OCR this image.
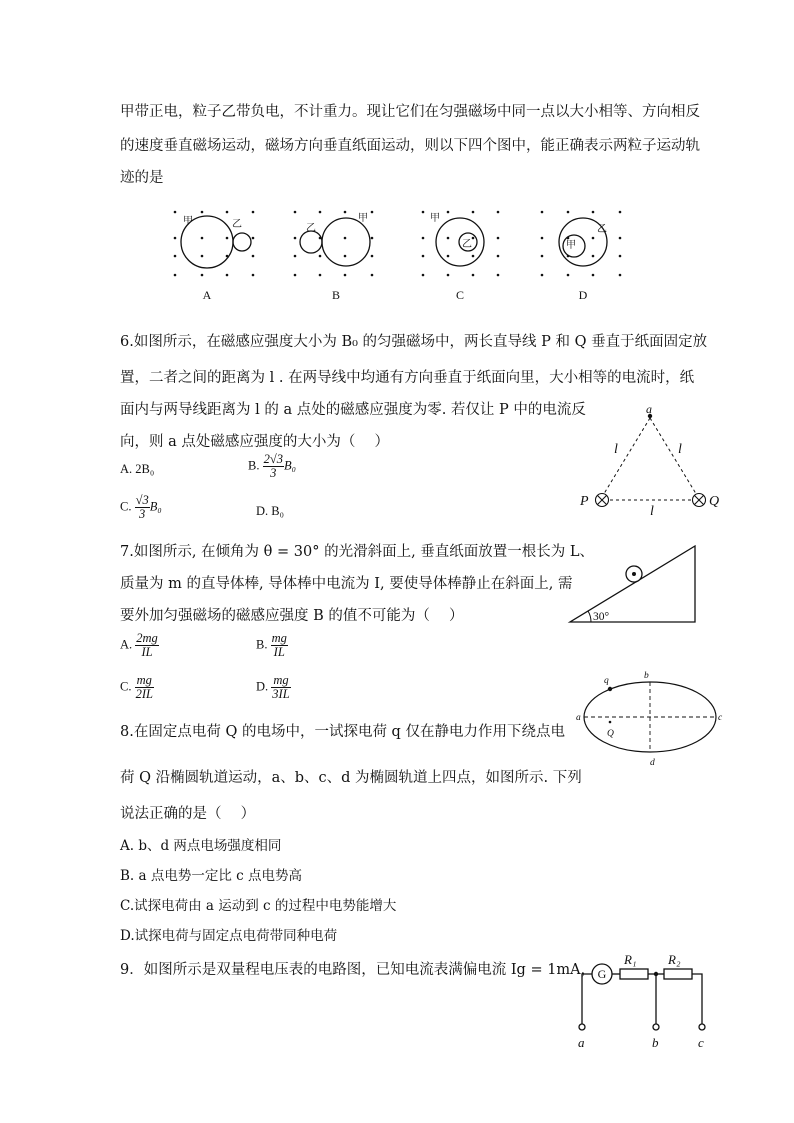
甲带正电，粒子乙带负电，不计重力。现让它们在匀强磁场中同一点以大小相等、方向相反
的速度垂直磁场运动，磁场方向垂直纸面运动，则以下四个图中，能正确表示两粒子运动轨
迹的是
甲	乙	乙
甲	甲
乙	甲
乙
A	B	C	D
6.如图所示，在磁感应强度大小为 B₀ 的匀强磁场中，两长直导线 P 和 Q 垂直于纸面固定放
置，二者之间的距离为 l . 在两导线中均通有方向垂直于纸面向里，大小相等的电流时，纸
面内与两导线距离为 l 的 a 点处的磁感应强度为零. 若仅让 P 中的电流反
向，则 a 点处磁感应强度的大小为（　 ）
A. 2B₀	B. $\frac{2√3}{3} B_0$
C. $\frac{√3}{3} B_0$	D. B₀
a
l	l
l
P	Q
7.如图所示, 在倾角为 θ = 30° 的光滑斜面上, 垂直纸面放置一根长为 L、
质量为 m 的直导体棒, 导体棒中电流为 I, 要使导体棒静止在斜面上, 需
要外加匀强磁场的磁感应强度 B 的值不可能为（　 ）
A. $\frac{2mg}{IL}$	B. $\frac{mg}{IL}$
C. $\frac{mg}{2IL}$	D. $\frac{mg}{3IL}$
30°
8.在固定点电荷 Q 的电场中，一试探电荷 q 仅在静电力作用下绕点电
荷 Q 沿椭圆轨道运动，a、b、c、d 为椭圆轨道上四点，如图所示. 下列
说法正确的是（　 ）
A. b、d 两点电场强度相同
B. a 点电势一定比 c 点电势高
C.试探电荷由 a 运动到 c 的过程中电势能增大
D.试探电荷与固定点电荷带同种电荷
q	b
a	c
Q
d
9．如图所示是双量程电压表的电路图，已知电流表满偏电流 Ig = 1mA， G
R₁ R₂
a	b	c
